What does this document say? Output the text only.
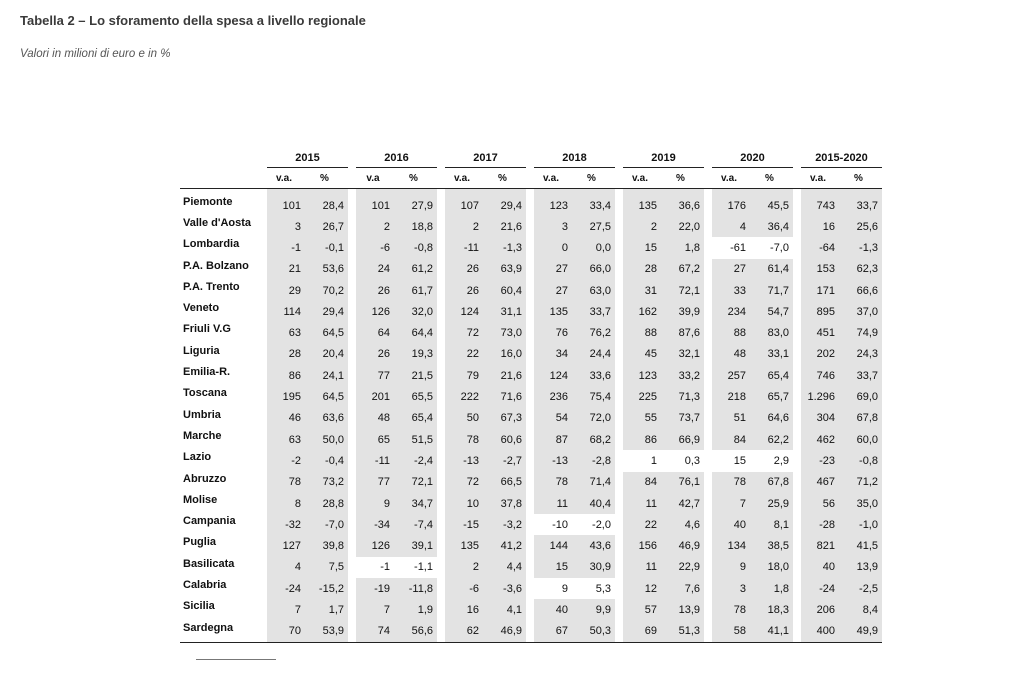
Tabella 2 – Lo sforamento della spesa a livello regionale
Valori in milioni di euro e in %
	2015			2016			2017			2018			2019			2020			2015-2020	
	v.a.	%		v.a	%		v.a.	%		v.a.	%		v.a.	%		v.a.	%		v.a.	%
Piemonte	101	28,4		101	27,9		107	29,4		123	33,4		135	36,6		176	45,5		743	33,7
Valle d'Aosta	3	26,7		2	18,8		2	21,6		3	27,5		2	22,0		4	36,4		16	25,6
Lombardia	-1	-0,1		-6	-0,8		-11	-1,3		0	0,0		15	1,8		-61	-7,0		-64	-1,3
P.A. Bolzano	21	53,6		24	61,2		26	63,9		27	66,0		28	67,2		27	61,4		153	62,3
P.A. Trento	29	70,2		26	61,7		26	60,4		27	63,0		31	72,1		33	71,7		171	66,6
Veneto	114	29,4		126	32,0		124	31,1		135	33,7		162	39,9		234	54,7		895	37,0
Friuli V.G	63	64,5		64	64,4		72	73,0		76	76,2		88	87,6		88	83,0		451	74,9
Liguria	28	20,4		26	19,3		22	16,0		34	24,4		45	32,1		48	33,1		202	24,3
Emilia-R.	86	24,1		77	21,5		79	21,6		124	33,6		123	33,2		257	65,4		746	33,7
Toscana	195	64,5		201	65,5		222	71,6		236	75,4		225	71,3		218	65,7		1.296	69,0
Umbria	46	63,6		48	65,4		50	67,3		54	72,0		55	73,7		51	64,6		304	67,8
Marche	63	50,0		65	51,5		78	60,6		87	68,2		86	66,9		84	62,2		462	60,0
Lazio	-2	-0,4		-11	-2,4		-13	-2,7		-13	-2,8		1	0,3		15	2,9		-23	-0,8
Abruzzo	78	73,2		77	72,1		72	66,5		78	71,4		84	76,1		78	67,8		467	71,2
Molise	8	28,8		9	34,7		10	37,8		11	40,4		11	42,7		7	25,9		56	35,0
Campania	-32	-7,0		-34	-7,4		-15	-3,2		-10	-2,0		22	4,6		40	8,1		-28	-1,0
Puglia	127	39,8		126	39,1		135	41,2		144	43,6		156	46,9		134	38,5		821	41,5
Basilicata	4	7,5		-1	-1,1		2	4,4		15	30,9		11	22,9		9	18,0		40	13,9
Calabria	-24	-15,2		-19	-11,8		-6	-3,6		9	5,3		12	7,6		3	1,8		-24	-2,5
Sicilia	7	1,7		7	1,9		16	4,1		40	9,9		57	13,9		78	18,3		206	8,4
Sardegna	70	53,9		74	56,6		62	46,9		67	50,3		69	51,3		58	41,1		400	49,9
